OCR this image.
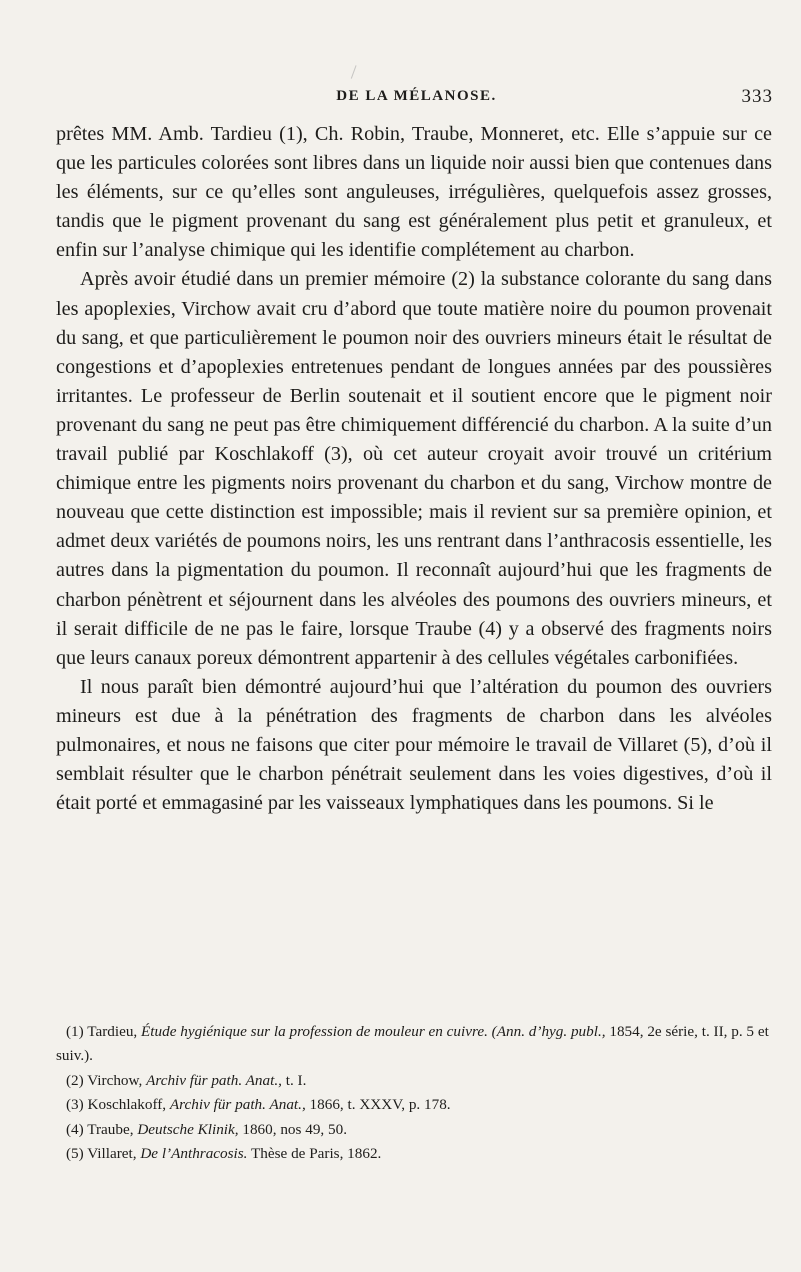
DE LA MÉLANOSE.	333

prêtes MM. Amb. Tardieu (1), Ch. Robin, Traube, Monneret, etc. Elle s’appuie sur ce que les particules colorées sont libres dans un liquide noir aussi bien que contenues dans les éléments, sur ce qu’elles sont anguleuses, irrégulières, quelquefois assez grosses, tandis que le pigment provenant du sang est généralement plus petit et granuleux, et enfin sur l’analyse chimique qui les identifie complétement au charbon.

Après avoir étudié dans un premier mémoire (2) la substance colorante du sang dans les apoplexies, Virchow avait cru d’abord que toute matière noire du poumon provenait du sang, et que particulièrement le poumon noir des ouvriers mineurs était le résultat de congestions et d’apoplexies entretenues pendant de longues années par des poussières irritantes. Le professeur de Berlin soutenait et il soutient encore que le pigment noir provenant du sang ne peut pas être chimiquement différencié du charbon. A la suite d’un travail publié par Koschlakoff (3), où cet auteur croyait avoir trouvé un critérium chimique entre les pigments noirs provenant du charbon et du sang, Virchow montre de nouveau que cette distinction est impossible; mais il revient sur sa première opinion, et admet deux variétés de poumons noirs, les uns rentrant dans l’anthracosis essentielle, les autres dans la pigmentation du poumon. Il reconnaît aujourd’hui que les fragments de charbon pénètrent et séjournent dans les alvéoles des poumons des ouvriers mineurs, et il serait difficile de ne pas le faire, lorsque Traube (4) y a observé des fragments noirs que leurs canaux poreux démontrent appartenir à des cellules végétales carbonifiées.

Il nous paraît bien démontré aujourd’hui que l’altération du poumon des ouvriers mineurs est due à la pénétration des fragments de charbon dans les alvéoles pulmonaires, et nous ne faisons que citer pour mémoire le travail de Villaret (5), d’où il semblait résulter que le charbon pénétrait seulement dans les voies digestives, d’où il était porté et emmagasiné par les vaisseaux lymphatiques dans les poumons. Si le

(1) Tardieu, Étude hygiénique sur la profession de mouleur en cuivre. (Ann. d’hyg. publ., 1854, 2e série, t. II, p. 5 et suiv.).

(2) Virchow, Archiv für path. Anat., t. I.

(3) Koschlakoff, Archiv für path. Anat., 1866, t. XXXV, p. 178.

(4) Traube, Deutsche Klinik, 1860, nos 49, 50.

(5) Villaret, De l’Anthracosis. Thèse de Paris, 1862.
